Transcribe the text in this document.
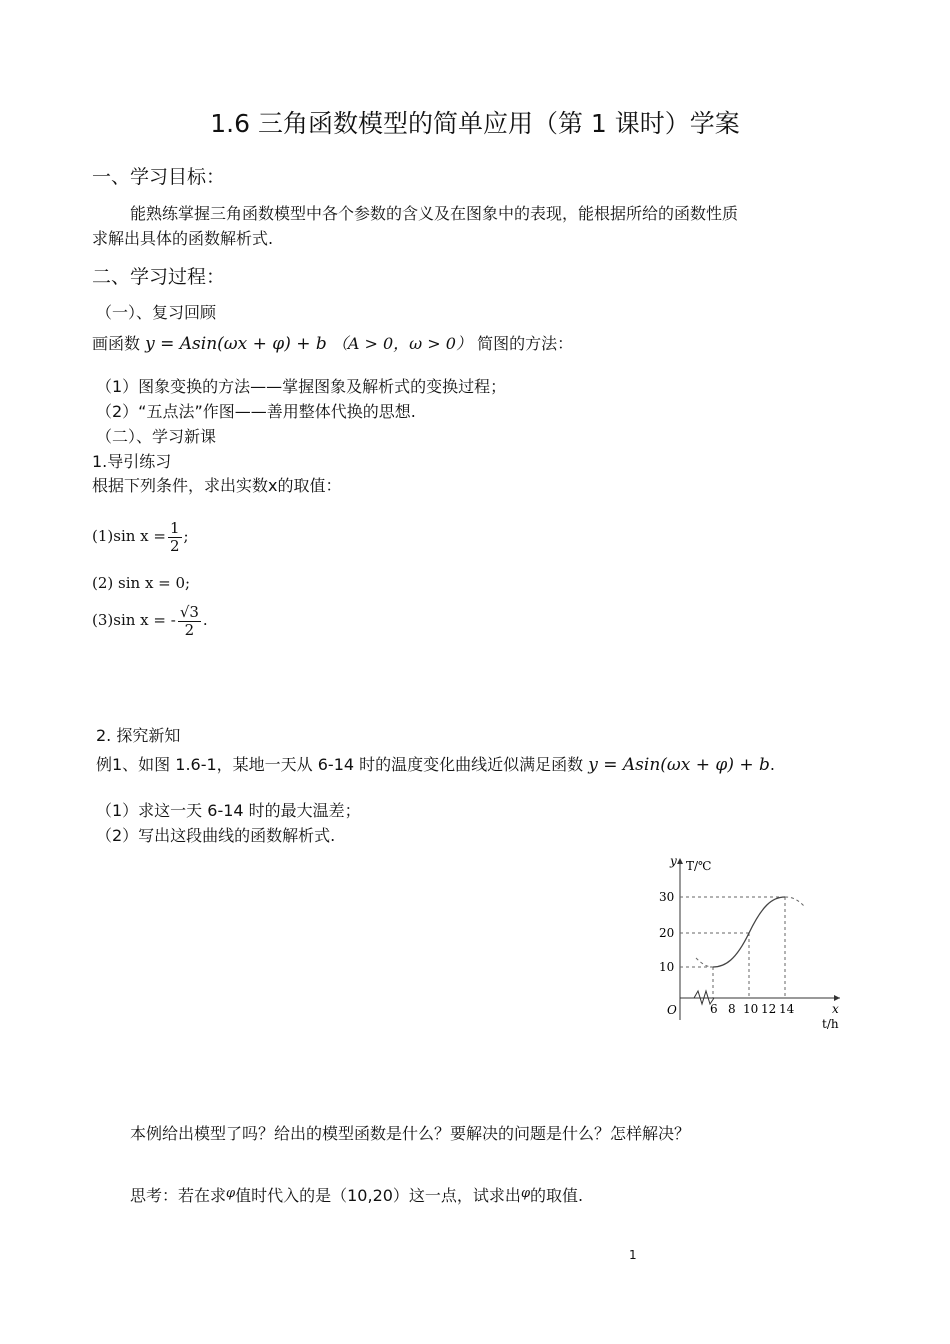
1.6 三角函数模型的简单应用（第 1 课时）学案
一、学习目标：
能熟练掌握三角函数模型中各个参数的含义及在图象中的表现，能根据所给的函数性质
求解出具体的函数解析式.
二、学习过程：
（一）、复习回顾
画函数 y = Asin(ωx + φ) + b （A > 0，ω > 0） 简图的方法：
（1）图象变换的方法——掌握图象及解析式的变换过程；
（2）“五点法”作图——善用整体代换的思想.
（二）、学习新课
1.导引练习
根据下列条件，求出实数x的取值：
(1)sin $x = \frac{1}{2}$ ;
(2) sin x = 0;
(3)sin x = - $\frac{√3}{2}$ .
2. 探究新知
例1、如图 1.6-1，某地一天从 6-14 时的温度变化曲线近似满足函数 y = Asin(ωx + φ) + b.
（1）求这一天 6-14 时的最大温差；
（2）写出这段曲线的函数解析式.
y T/℃
x
t/h
O
10
20
30
6 8 10 12 14
本例给出模型了吗？给出的模型函数是什么？要解决的问题是什么？怎样解决？
思考：若在求$^\varphi$值时代入的是（10,20）这一点，试求出$^\varphi$的取值.
1
